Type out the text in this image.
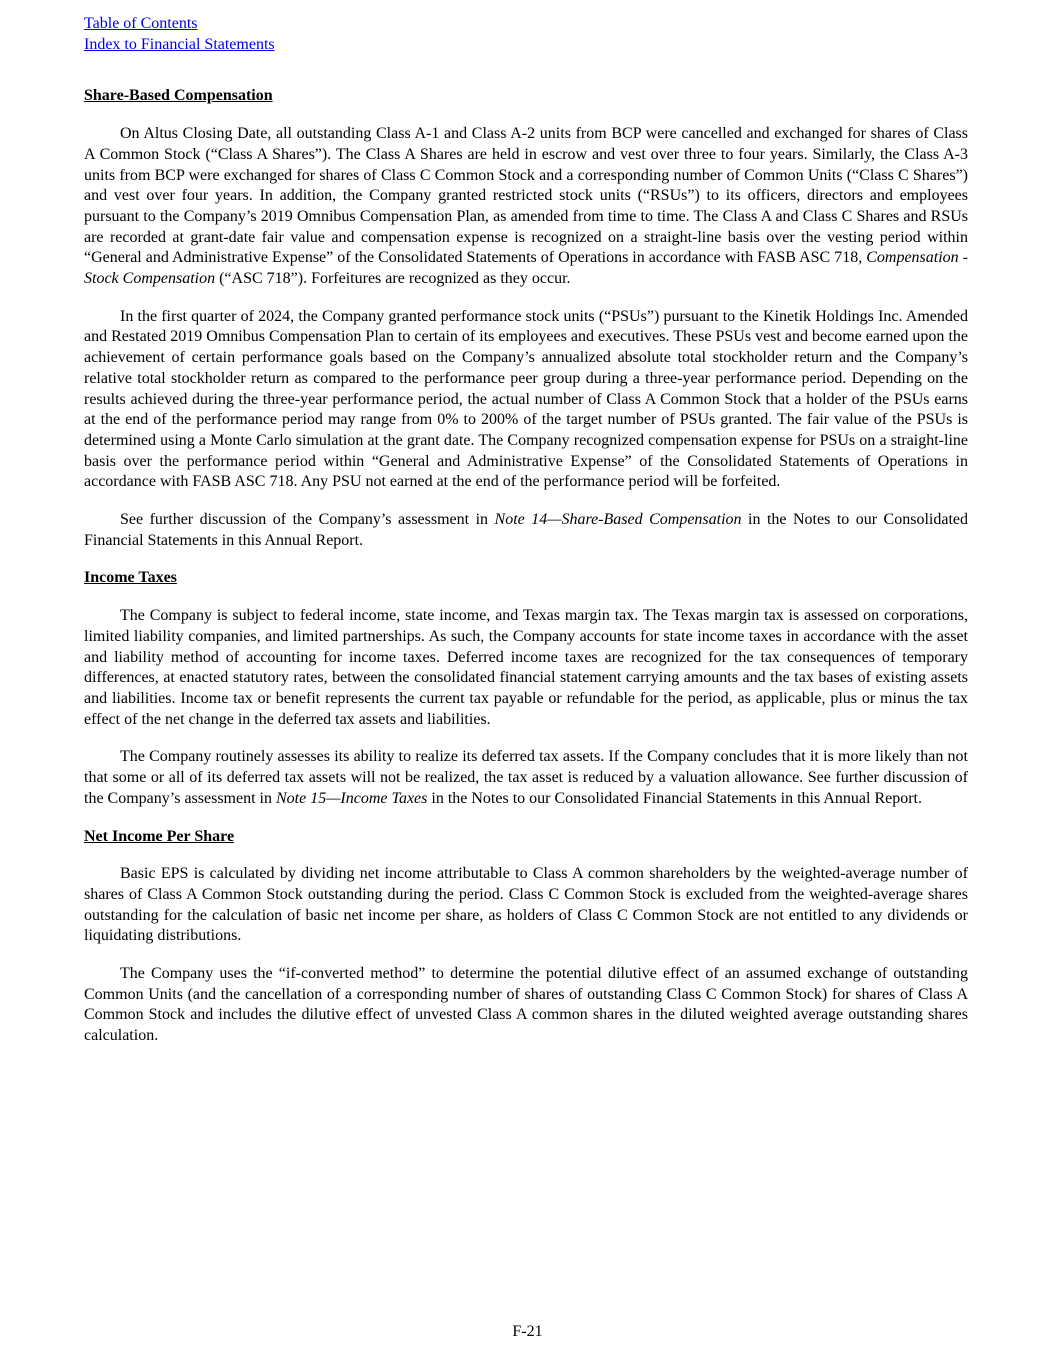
Table of Contents
Index to Financial Statements
Share-Based Compensation

On Altus Closing Date, all outstanding Class A-1 and Class A-2 units from BCP were cancelled and exchanged for shares of Class A Common Stock (“Class A Shares”). The Class A Shares are held in escrow and vest over three to four years. Similarly, the Class A-3 units from BCP were exchanged for shares of Class C Common Stock and a corresponding number of Common Units (“Class C Shares”) and vest over four years. In addition, the Company granted restricted stock units (“RSUs”) to its officers, directors and employees pursuant to the Company’s 2019 Omnibus Compensation Plan, as amended from time to time. The Class A and Class C Shares and RSUs are recorded at grant-date fair value and compensation expense is recognized on a straight-line basis over the vesting period within “General and Administrative Expense” of the Consolidated Statements of Operations in accordance with FASB ASC 718, Compensation - Stock Compensation (“ASC 718”). Forfeitures are recognized as they occur.

In the first quarter of 2024, the Company granted performance stock units (“PSUs”) pursuant to the Kinetik Holdings Inc. Amended and Restated 2019 Omnibus Compensation Plan to certain of its employees and executives. These PSUs vest and become earned upon the achievement of certain performance goals based on the Company’s annualized absolute total stockholder return and the Company’s relative total stockholder return as compared to the performance peer group during a three-year performance period. Depending on the results achieved during the three-year performance period, the actual number of Class A Common Stock that a holder of the PSUs earns at the end of the performance period may range from 0% to 200% of the target number of PSUs granted. The fair value of the PSUs is determined using a Monte Carlo simulation at the grant date. The Company recognized compensation expense for PSUs on a straight-line basis over the performance period within “General and Administrative Expense” of the Consolidated Statements of Operations in accordance with FASB ASC 718. Any PSU not earned at the end of the performance period will be forfeited.

See further discussion of the Company’s assessment in Note 14—Share-Based Compensation in the Notes to our Consolidated Financial Statements in this Annual Report.

Income Taxes

The Company is subject to federal income, state income, and Texas margin tax. The Texas margin tax is assessed on corporations, limited liability companies, and limited partnerships. As such, the Company accounts for state income taxes in accordance with the asset and liability method of accounting for income taxes. Deferred income taxes are recognized for the tax consequences of temporary differences, at enacted statutory rates, between the consolidated financial statement carrying amounts and the tax bases of existing assets and liabilities. Income tax or benefit represents the current tax payable or refundable for the period, as applicable, plus or minus the tax effect of the net change in the deferred tax assets and liabilities.

The Company routinely assesses its ability to realize its deferred tax assets. If the Company concludes that it is more likely than not that some or all of its deferred tax assets will not be realized, the tax asset is reduced by a valuation allowance. See further discussion of the Company’s assessment in Note 15—Income Taxes in the Notes to our Consolidated Financial Statements in this Annual Report.

Net Income Per Share

Basic EPS is calculated by dividing net income attributable to Class A common shareholders by the weighted-average number of shares of Class A Common Stock outstanding during the period. Class C Common Stock is excluded from the weighted-average shares outstanding for the calculation of basic net income per share, as holders of Class C Common Stock are not entitled to any dividends or liquidating distributions.

The Company uses the “if-converted method” to determine the potential dilutive effect of an assumed exchange of outstanding Common Units (and the cancellation of a corresponding number of shares of outstanding Class C Common Stock) for shares of Class A Common Stock and includes the dilutive effect of unvested Class A common shares in the diluted weighted average outstanding shares calculation.

F-21
